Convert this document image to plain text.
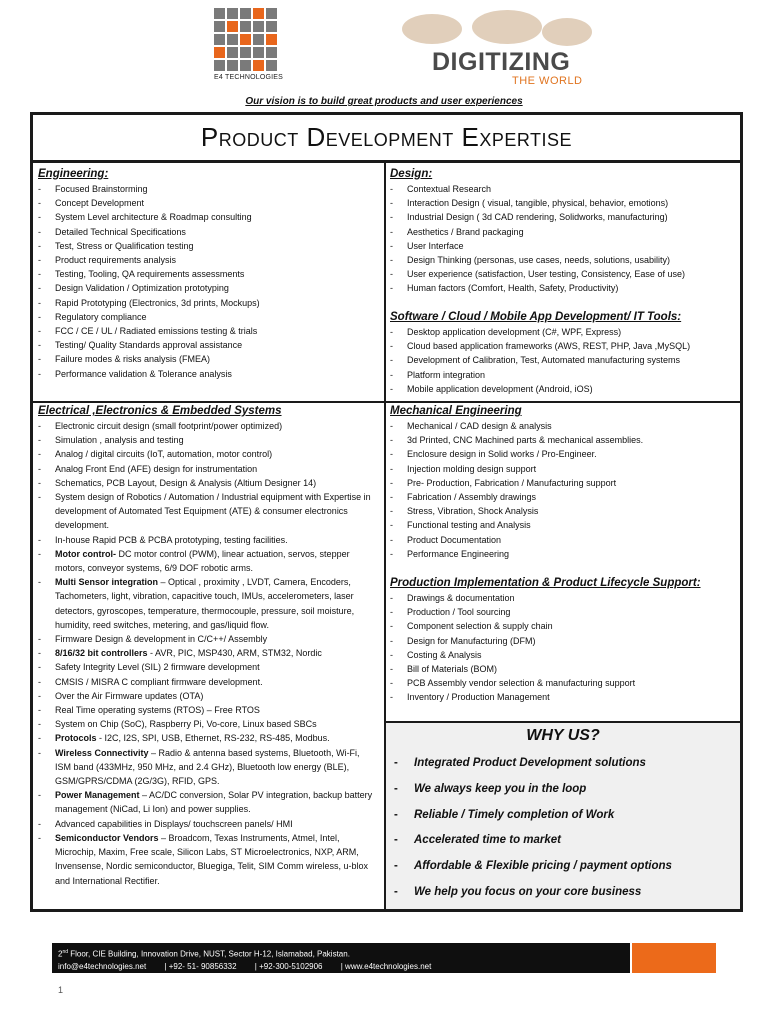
E4 TECHNOLOGIES
DIGITIZING
THE WORLD
Our vision is to build great products and user experiences
Product Development Expertise
Engineering:
- Focused Brainstorming
- Concept Development
- System Level architecture & Roadmap consulting
- Detailed Technical Specifications
- Test, Stress or Qualification testing
- Product requirements analysis
- Testing, Tooling, QA requirements assessments
- Design Validation / Optimization prototyping
- Rapid Prototyping (Electronics, 3d prints, Mockups)
- Regulatory compliance
- FCC / CE / UL / Radiated emissions testing & trials
- Testing/ Quality Standards approval assistance
- Failure modes & risks analysis (FMEA)
- Performance validation & Tolerance analysis
Design:
- Contextual Research
- Interaction Design ( visual, tangible, physical, behavior, emotions)
- Industrial Design ( 3d CAD rendering, Solidworks, manufacturing)
- Aesthetics / Brand packaging
- User Interface
- Design Thinking (personas, use cases, needs, solutions, usability)
- User experience (satisfaction, User testing, Consistency, Ease of use)
- Human factors (Comfort, Health, Safety, Productivity)
Software / Cloud / Mobile App Development/ IT Tools:
- Desktop application development (C#, WPF, Express)
- Cloud based application frameworks (AWS, REST, PHP, Java ,MySQL)
- Development of Calibration, Test, Automated manufacturing systems
- Platform integration
- Mobile application development (Android, iOS)
Electrical ,Electronics & Embedded Systems
- Electronic circuit design (small footprint/power optimized)
- Simulation , analysis and testing
- Analog / digital circuits (IoT, automation, motor control)
- Analog Front End (AFE) design for instrumentation
- Schematics, PCB Layout, Design & Analysis (Altium Designer 14)
- System design of Robotics / Automation / Industrial equipment with Expertise in development of Automated Test Equipment (ATE) & consumer electronics development.
- In-house Rapid PCB & PCBA prototyping, testing facilities.
- Motor control- DC motor control (PWM), linear actuation, servos, stepper motors, conveyor systems, 6/9 DOF robotic arms.
- Multi Sensor integration – Optical , proximity , LVDT, Camera, Encoders, Tachometers, light, vibration, capacitive touch, IMUs, accelerometers, laser detectors, gyroscopes, temperature, thermocouple, pressure, soil moisture, humidity, reed switches, metering, and gas/liquid flow.
- Firmware Design & development in C/C++/ Assembly
- 8/16/32 bit controllers - AVR, PIC, MSP430, ARM, STM32, Nordic
- Safety Integrity Level (SIL) 2 firmware development
- CMSIS / MISRA C compliant firmware development.
- Over the Air Firmware updates (OTA)
- Real Time operating systems (RTOS) – Free RTOS
- System on Chip (SoC), Raspberry Pi, Vo-core, Linux based SBCs
- Protocols - I2C, I2S, SPI, USB, Ethernet, RS-232, RS-485, Modbus.
- Wireless Connectivity – Radio & antenna based systems, Bluetooth, Wi-Fi, ISM band (433MHz, 950 MHz, and 2.4 GHz), Bluetooth low energy (BLE), GSM/GPRS/CDMA (2G/3G), RFID, GPS.
- Power Management – AC/DC conversion, Solar PV integration, backup battery management (NiCad, Li Ion) and power supplies.
- Advanced capabilities in Displays/ touchscreen panels/ HMI
- Semiconductor Vendors – Broadcom, Texas Instruments, Atmel, Intel, Microchip, Maxim, Free scale, Silicon Labs, ST Microelectronics, NXP, ARM, Invensense, Nordic semiconductor, Bluegiga, Telit, SIM Comm wireless, u-blox and International Rectifier.
Mechanical Engineering
- Mechanical / CAD design & analysis
- 3d Printed, CNC Machined parts & mechanical assemblies.
- Enclosure design in Solid works / Pro-Engineer.
- Injection molding design support
- Pre- Production, Fabrication / Manufacturing support
- Fabrication / Assembly drawings
- Stress, Vibration, Shock Analysis
- Functional testing and Analysis
- Product Documentation
- Performance Engineering
Production Implementation & Product Lifecycle Support:
- Drawings & documentation
- Production / Tool sourcing
- Component selection & supply chain
- Design for Manufacturing (DFM)
- Costing & Analysis
- Bill of Materials (BOM)
- PCB Assembly vendor selection & manufacturing support
- Inventory / Production Management
WHY US?
- Integrated Product Development solutions
- We always keep you in the loop
- Reliable / Timely completion of Work
- Accelerated time to market
- Affordable & Flexible pricing / payment options
- We help you focus on your core business
2nd Floor, CIE Building, Innovation Drive, NUST, Sector H-12, Islamabad, Pakistan.
info@e4technologies.net | +92- 51- 90856332 | +92-300-5102906 | www.e4technologies.net
1
